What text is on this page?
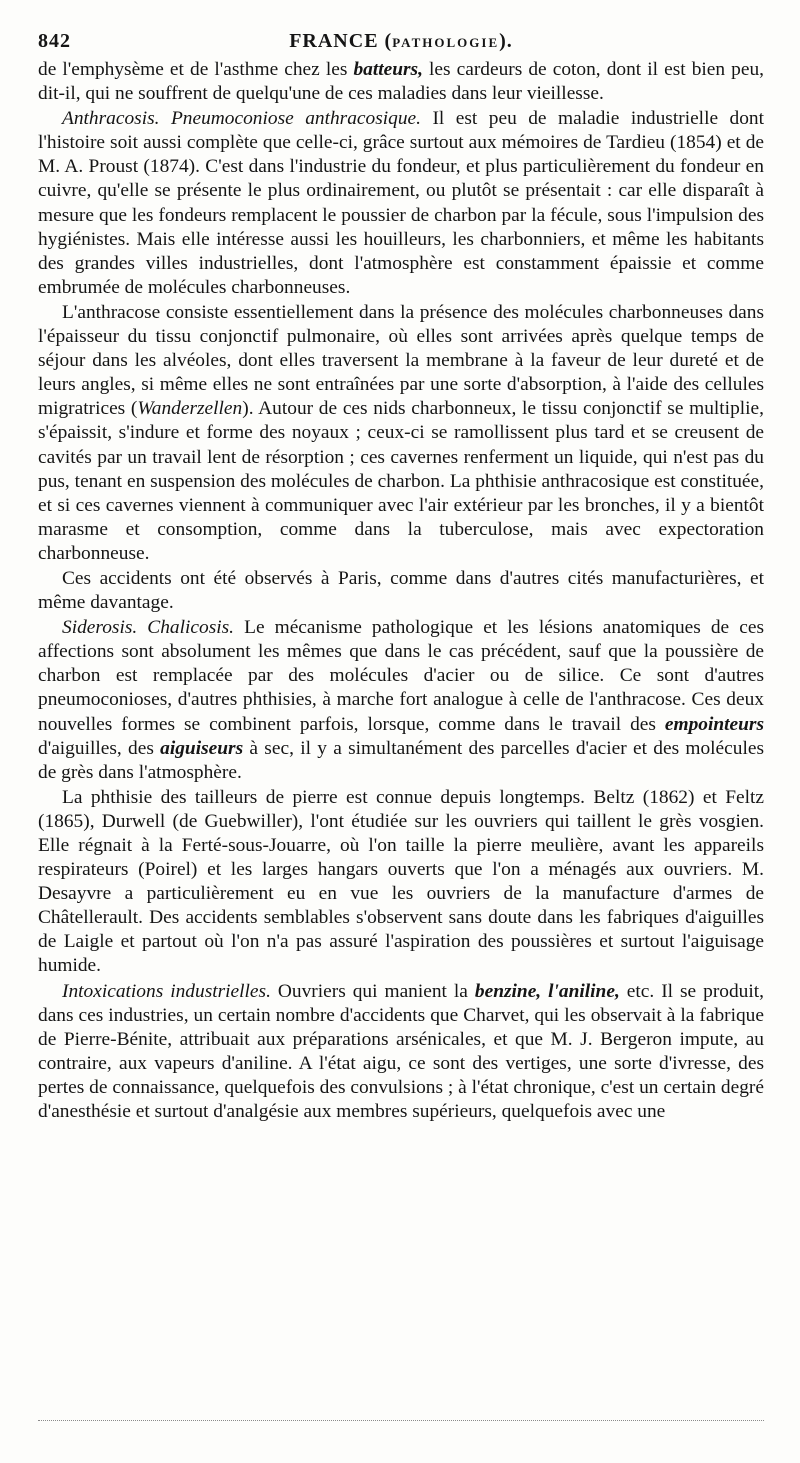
842	FRANCE (PATHOLOGIE).

de l'emphysème et de l'asthme chez les batteurs, les cardeurs de coton, dont il est bien peu, dit-il, qui ne souffrent de quelqu'une de ces maladies dans leur vieillesse.

Anthracosis. Pneumoconiose anthracosique. Il est peu de maladie industrielle dont l'histoire soit aussi complète que celle-ci, grâce surtout aux mémoires de Tardieu (1854) et de M. A. Proust (1874). C'est dans l'industrie du fondeur, et plus particulièrement du fondeur en cuivre, qu'elle se présente le plus ordinairement, ou plutôt se présentait : car elle disparaît à mesure que les fondeurs remplacent le poussier de charbon par la fécule, sous l'impulsion des hygiénistes. Mais elle intéresse aussi les houilleurs, les charbonniers, et même les habitants des grandes villes industrielles, dont l'atmosphère est constamment épaissie et comme embrumée de molécules charbonneuses.

L'anthracose consiste essentiellement dans la présence des molécules charbonneuses dans l'épaisseur du tissu conjonctif pulmonaire, où elles sont arrivées après quelque temps de séjour dans les alvéoles, dont elles traversent la membrane à la faveur de leur dureté et de leurs angles, si même elles ne sont entraînées par une sorte d'absorption, à l'aide des cellules migratrices (Wanderzellen). Autour de ces nids charbonneux, le tissu conjonctif se multiplie, s'épaissit, s'indure et forme des noyaux ; ceux-ci se ramollissent plus tard et se creusent de cavités par un travail lent de résorption ; ces cavernes renferment un liquide, qui n'est pas du pus, tenant en suspension des molécules de charbon. La phthisie anthracosique est constituée, et si ces cavernes viennent à communiquer avec l'air extérieur par les bronches, il y a bientôt marasme et consomption, comme dans la tuberculose, mais avec expectoration charbonneuse.

Ces accidents ont été observés à Paris, comme dans d'autres cités manufacturières, et même davantage.

Siderosis. Chalicosis. Le mécanisme pathologique et les lésions anatomiques de ces affections sont absolument les mêmes que dans le cas précédent, sauf que la poussière de charbon est remplacée par des molécules d'acier ou de silice. Ce sont d'autres pneumoconioses, d'autres phthisies, à marche fort analogue à celle de l'anthracose. Ces deux nouvelles formes se combinent parfois, lorsque, comme dans le travail des empointeurs d'aiguilles, des aiguiseurs à sec, il y a simultanément des parcelles d'acier et des molécules de grès dans l'atmosphère.

La phthisie des tailleurs de pierre est connue depuis longtemps. Beltz (1862) et Feltz (1865), Durwell (de Guebwiller), l'ont étudiée sur les ouvriers qui taillent le grès vosgien. Elle régnait à la Ferté-sous-Jouarre, où l'on taille la pierre meulière, avant les appareils respirateurs (Poirel) et les larges hangars ouverts que l'on a ménagés aux ouvriers. M. Desayvre a particulièrement eu en vue les ouvriers de la manufacture d'armes de Châtellerault. Des accidents semblables s'observent sans doute dans les fabriques d'aiguilles de Laigle et partout où l'on n'a pas assuré l'aspiration des poussières et surtout l'aiguisage humide.

Intoxications industrielles. Ouvriers qui manient la benzine, l'aniline, etc. Il se produit, dans ces industries, un certain nombre d'accidents que Charvet, qui les observait à la fabrique de Pierre-Bénite, attribuait aux préparations arsénicales, et que M. J. Bergeron impute, au contraire, aux vapeurs d'aniline. A l'état aigu, ce sont des vertiges, une sorte d'ivresse, des pertes de connaissance, quelquefois des convulsions ; à l'état chronique, c'est un certain degré d'anesthésie et surtout d'analgésie aux membres supérieurs, quelquefois avec une
